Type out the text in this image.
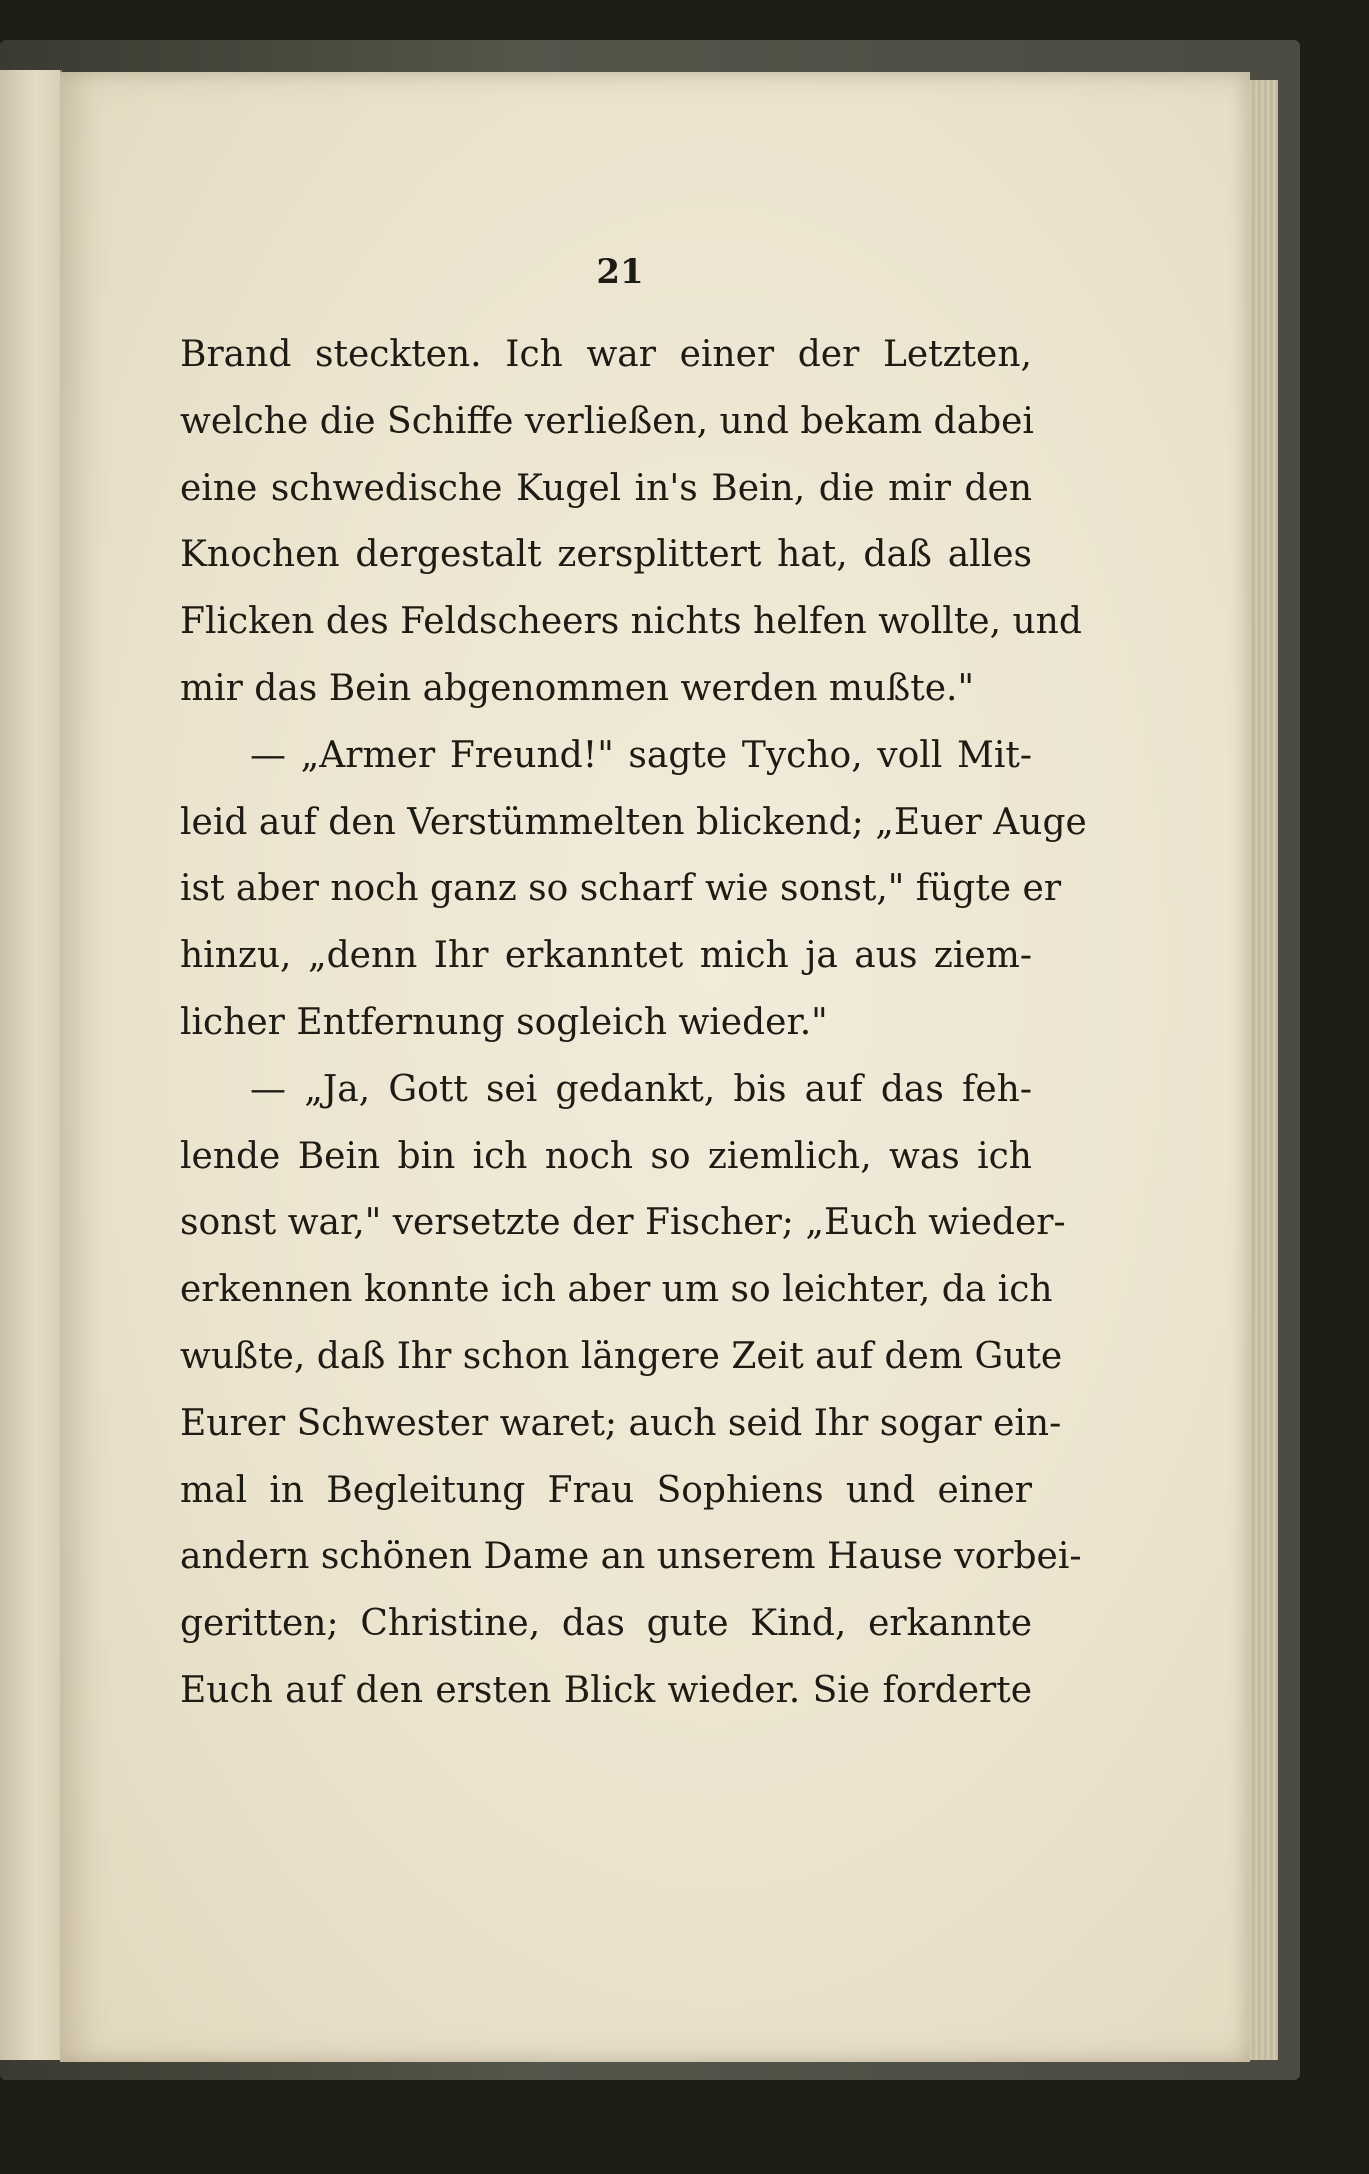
21
Brand steckten. Ich war einer der Letzten,
welche die Schiffe verließen, und bekam dabei
eine schwedische Kugel in's Bein, die mir den
Knochen dergestalt zersplittert hat, daß alles
Flicken des Feldscheers nichts helfen wollte, und
mir das Bein abgenommen werden mußte."
— „Armer Freund!" sagte Tycho, voll Mit-
leid auf den Verstümmelten blickend; „Euer Auge
ist aber noch ganz so scharf wie sonst," fügte er
hinzu, „denn Ihr erkanntet mich ja aus ziem-
licher Entfernung sogleich wieder."
— „Ja, Gott sei gedankt, bis auf das feh-
lende Bein bin ich noch so ziemlich, was ich
sonst war," versetzte der Fischer; „Euch wieder-
erkennen konnte ich aber um so leichter, da ich
wußte, daß Ihr schon längere Zeit auf dem Gute
Eurer Schwester waret; auch seid Ihr sogar ein-
mal in Begleitung Frau Sophiens und einer
andern schönen Dame an unserem Hause vorbei-
geritten; Christine, das gute Kind, erkannte
Euch auf den ersten Blick wieder. Sie forderte
